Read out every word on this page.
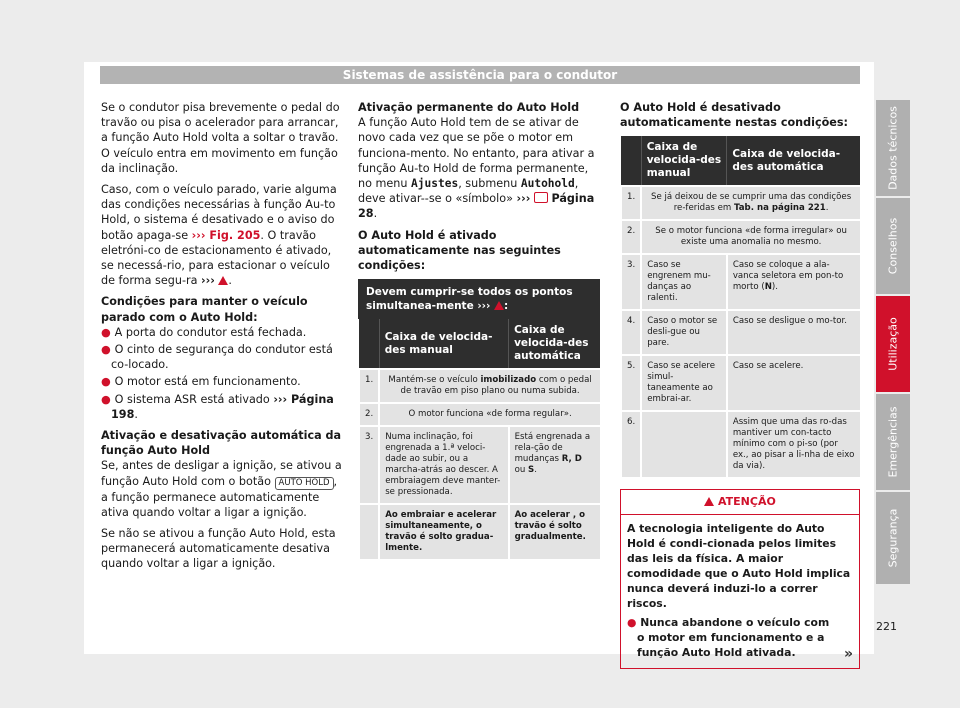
Sistemas de assistência para o condutor

Se o condutor pisa brevemente o pedal do travão ou pisa o acelerador para arrancar, a função Auto Hold volta a soltar o travão. O veículo entra em movimento em função da inclinação.

Caso, com o veículo parado, varie alguma das condições necessárias à função Au-to Hold, o sistema é desativado e o aviso do botão apaga-se ››› Fig. 205. O travão eletróni-co de estacionamento é ativado, se necessá-rio, para estacionar o veículo de forma segu-ra ››› .

Condições para manter o veículo parado com o Auto Hold:

● A porta do condutor está fechada.
● O cinto de segurança do condutor está co-locado.
● O motor está em funcionamento.
● O sistema ASR está ativado ››› Página 198.

Ativação e desativação automática da função Auto Hold

Se, antes de desligar a ignição, se ativou a função Auto Hold com o botão AUTO HOLD , a função permanece automaticamente ativa quando voltar a ligar a ignição.

Se não se ativou a função Auto Hold, esta permanecerá automaticamente desativa quando voltar a ligar a ignição.

Ativação permanente do Auto Hold

A função Auto Hold tem de se ativar de novo cada vez que se põe o motor em funciona-mento. No entanto, para ativar a função Au-to Hold de forma permanente, no menu Ajustes, submenu Autohold, deve ativar--se o «símbolo» ››› Página 28.

O Auto Hold é ativado automaticamente nas seguintes condições:

Devem cumprir-se todos os pontos simultanea-mente ››› :
	Caixa de velocida-des manual	Caixa de velocida-des automática
1.	Mantém-se o veículo imobilizado com o pedal de travão em piso plano ou numa subida.	
2.	O motor funciona «de forma regular».	
3.	Numa inclinação, foi engrenada a 1.ª veloci-dade ao subir, ou a marcha-atrás ao descer. A embraiagem deve manter-se pressionada.	Está engrenada a rela-ção de mudanças R, D ou S.
	Ao embraiar e acelerar simultaneamente, o travão é solto gradua-lmente.	Ao acelerar , o travão é solto gradualmente.

O Auto Hold é desativado automaticamente nestas condições:

	Caixa de velocida-des manual	Caixa de velocida-des automática
1.	Se já deixou de se cumprir uma das condições re-feridas em Tab. na página 221.	
2.	Se o motor funciona «de forma irregular» ou existe uma anomalia no mesmo.	
3.	Caso se engrenem mu-danças ao ralenti.	Caso se coloque a ala-vanca seletora em pon-to morto (N).
4.	Caso o motor se desli-gue ou pare.	Caso se desligue o mo-tor.
5.	Caso se acelere simul-taneamente ao embrai-ar.	Caso se acelere.
6.		Assim que uma das ro-das mantiver um con-tacto mínimo com o pi-so (por ex., ao pisar a li-nha de eixo da via).
ATENÇÃO

A tecnologia inteligente do Auto Hold é condi-cionada pelos limites das leis da física. A maior comodidade que o Auto Hold implica nunca deverá induzi-lo a correr riscos.

● Nunca abandone o veículo com o motor em funcionamento e a função Auto Hold ativada.	»
Dados técnicos
Conselhos
Utilização
Emergências
Segurança
221
